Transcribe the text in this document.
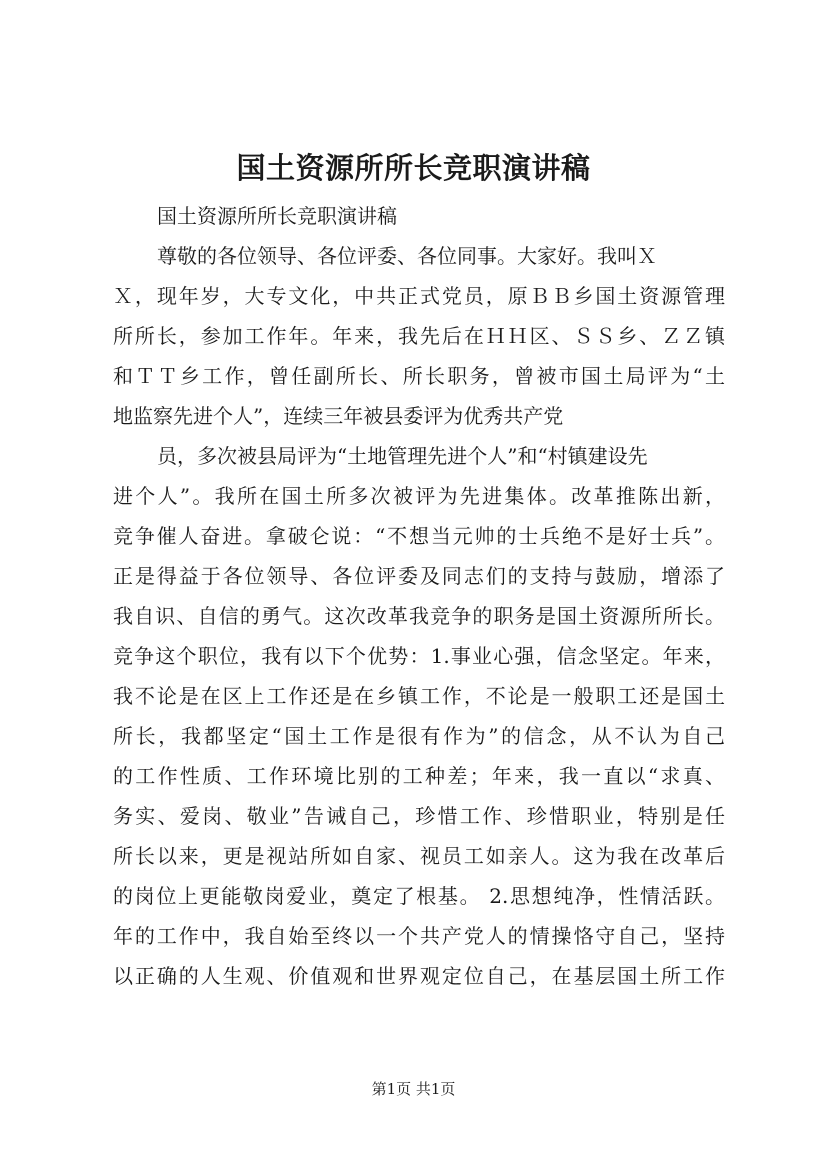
国土资源所所长竞职演讲稿
国土资源所所长竞职演讲稿
尊敬的各位领导、各位评委、各位同事。大家好。我叫Ｘ
Ｘ，现年岁，大专文化，中共正式党员，原ＢＢ乡国土资源管理
所所长，参加工作年。年来，我先后在ＨＨ区、ＳＳ乡、ＺＺ镇
和ＴＴ乡工作，曾任副所长、所长职务，曾被市国土局评为“土
地监察先进个人”，连续三年被县委评为优秀共产党
员，多次被县局评为“土地管理先进个人”和“村镇建设先
进个人”。我所在国土所多次被评为先进集体。改革推陈出新，
竞争催人奋进。拿破仑说：“不想当元帅的士兵绝不是好士兵”。
正是得益于各位领导、各位评委及同志们的支持与鼓励，增添了
我自识、自信的勇气。这次改革我竞争的职务是国土资源所所长。
竞争这个职位，我有以下个优势：1.事业心强，信念坚定。年来，
我不论是在区上工作还是在乡镇工作，不论是一般职工还是国土
所长，我都坚定“国土工作是很有作为”的信念，从不认为自己
的工作性质、工作环境比别的工种差；年来，我一直以“求真、
务实、爱岗、敬业”告诫自己，珍惜工作、珍惜职业，特别是任
所长以来，更是视站所如自家、视员工如亲人。这为我在改革后
的岗位上更能敬岗爱业，奠定了根基。 2.思想纯净，性情活跃。
年的工作中，我自始至终以一个共产党人的情操恪守自己，坚持
以正确的人生观、价值观和世界观定位自己，在基层国土所工作
第1页 共1页
